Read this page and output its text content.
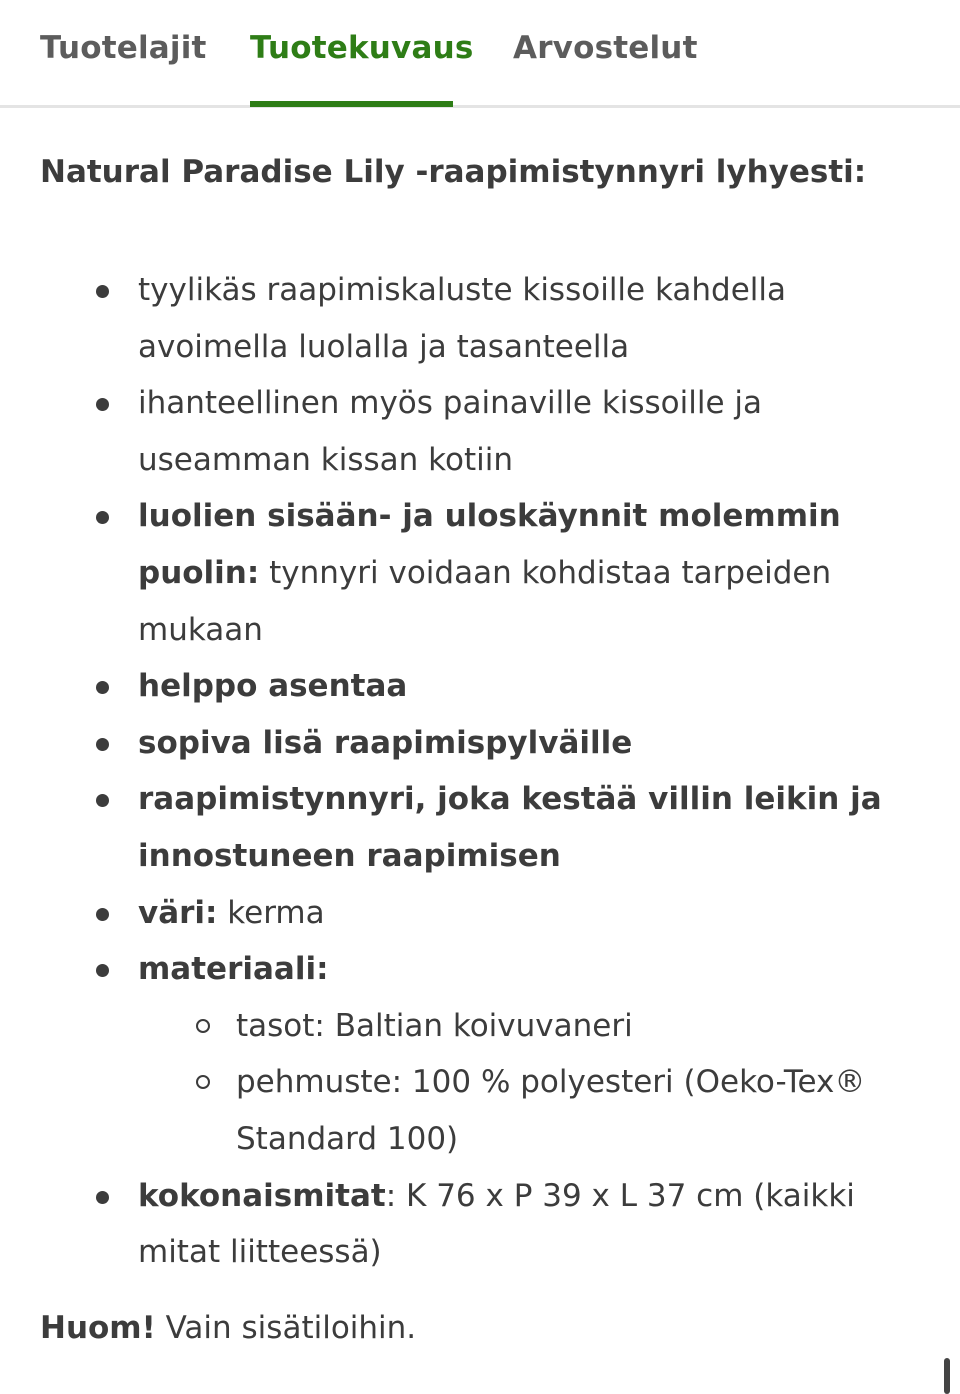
Tuotelajit Tuotekuvaus Arvostelut
Natural Paradise Lily -raapimistynnyri lyhyesti:
tyylikäs raapimiskaluste kissoille kahdella avoimella luolalla ja tasanteella
ihanteellinen myös painaville kissoille ja useamman kissan kotiin
luolien sisään- ja uloskäynnit molemmin puolin: tynnyri voidaan kohdistaa tarpeiden mukaan
helppo asentaa
sopiva lisä raapimispylväille
raapimistynnyri, joka kestää villin leikin ja innostuneen raapimisen
väri: kerma
materiaali:
tasot: Baltian koivuvaneri
pehmuste: 100 % polyesteri (Oeko-Tex® Standard 100)
kokonaismitat: K 76 x P 39 x L 37 cm (kaikki mitat liitteessä)
Huom! Vain sisätiloihin.
